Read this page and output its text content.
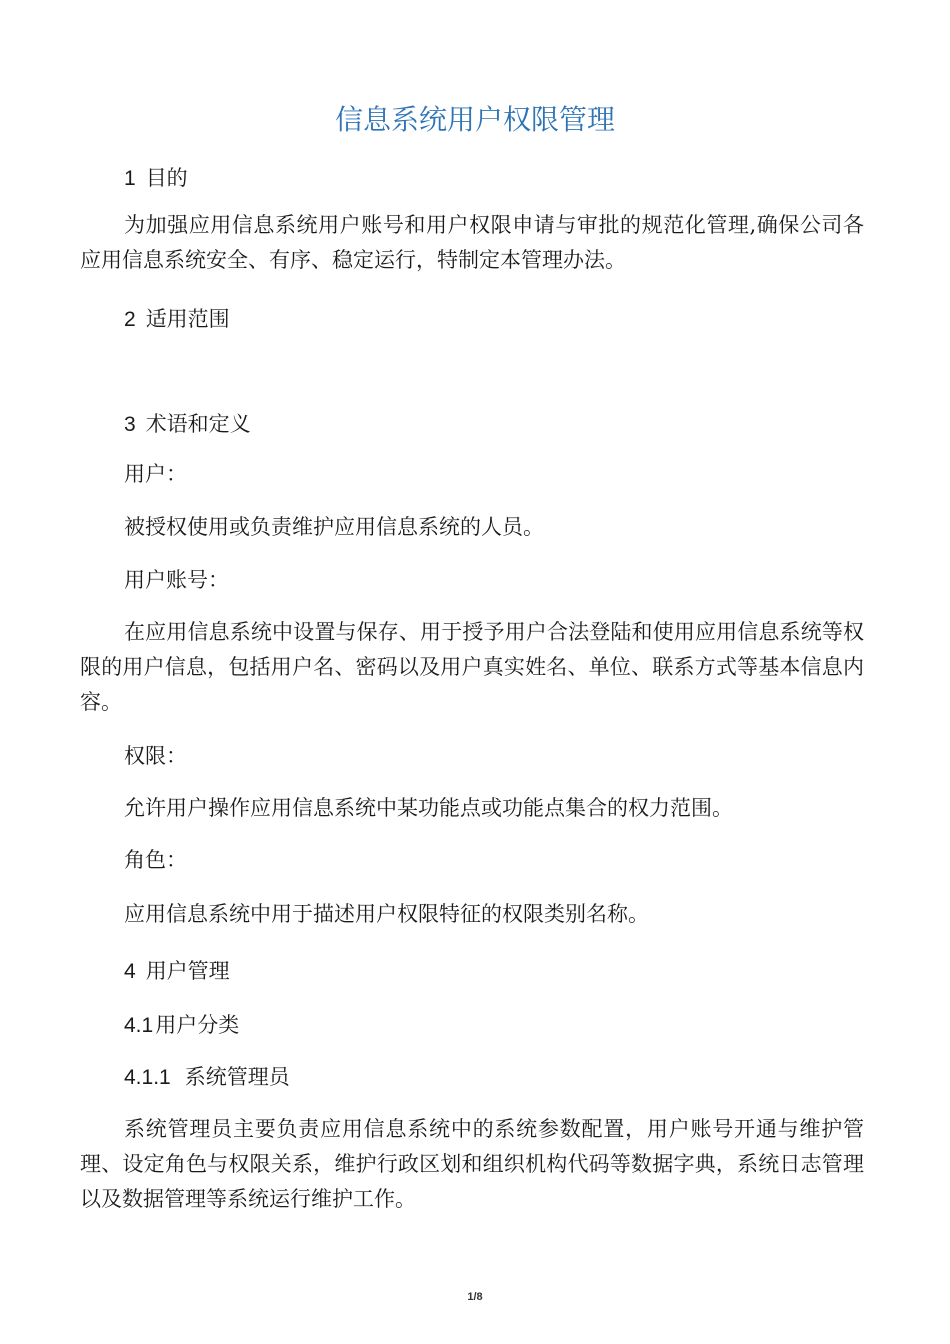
信息系统用户权限管理

1 目的

为加强应用信息系统用户账号和用户权限申请与审批的规范化管理,确保公司各应用信息系统安全、有序、稳定运行，特制定本管理办法。

2 适用范围

3 术语和定义

用户：

被授权使用或负责维护应用信息系统的人员。

用户账号：

在应用信息系统中设置与保存、用于授予用户合法登陆和使用应用信息系统等权限的用户信息，包括用户名、密码以及用户真实姓名、单位、联系方式等基本信息内容。

权限：

允许用户操作应用信息系统中某功能点或功能点集合的权力范围。

角色：

应用信息系统中用于描述用户权限特征的权限类别名称。

4 用户管理

4.1用户分类

4.1.1 系统管理员

系统管理员主要负责应用信息系统中的系统参数配置，用户账号开通与维护管理、设定角色与权限关系，维护行政区划和组织机构代码等数据字典，系统日志管理以及数据管理等系统运行维护工作。

1/8
